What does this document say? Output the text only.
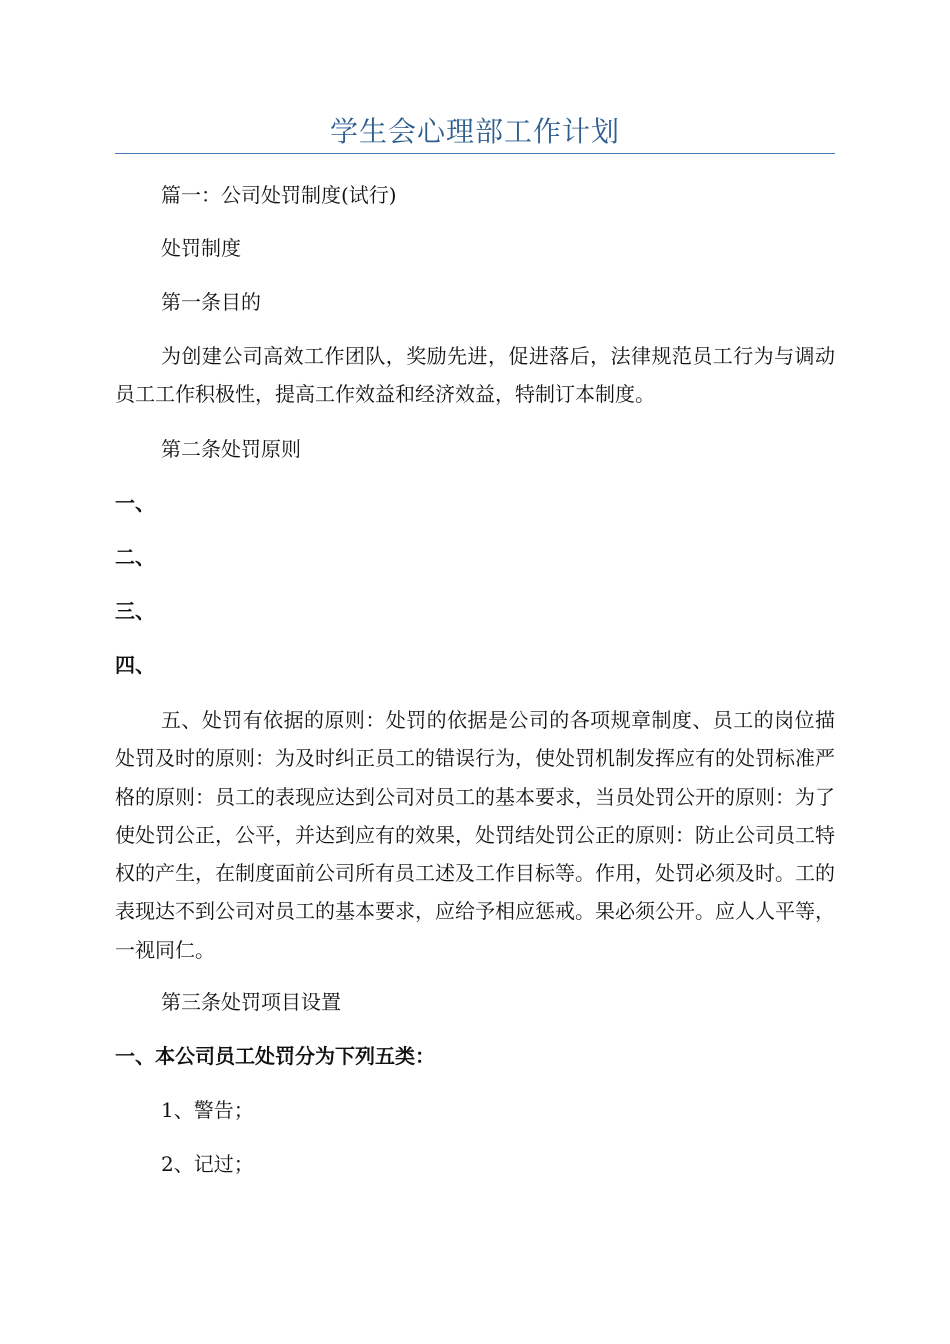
学生会心理部工作计划

篇一：公司处罚制度(试行)

处罚制度

第一条目的

为创建公司高效工作团队，奖励先进，促进落后，法律规范员工行为与调动员工工作积极性，提高工作效益和经济效益，特制订本制度。

第二条处罚原则

一、

二、

三、

四、

五、处罚有依据的原则：处罚的依据是公司的各项规章制度、员工的岗位描处罚及时的原则：为及时纠正员工的错误行为，使处罚机制发挥应有的处罚标准严格的原则：员工的表现应达到公司对员工的基本要求，当员处罚公开的原则：为了使处罚公正，公平，并达到应有的效果，处罚结处罚公正的原则：防止公司员工特权的产生，在制度面前公司所有员工述及工作目标等。作用，处罚必须及时。工的表现达不到公司对员工的基本要求，应给予相应惩戒。果必须公开。应人人平等，一视同仁。

第三条处罚项目设置

一、本公司员工处罚分为下列五类：

1、警告；

2、记过；
